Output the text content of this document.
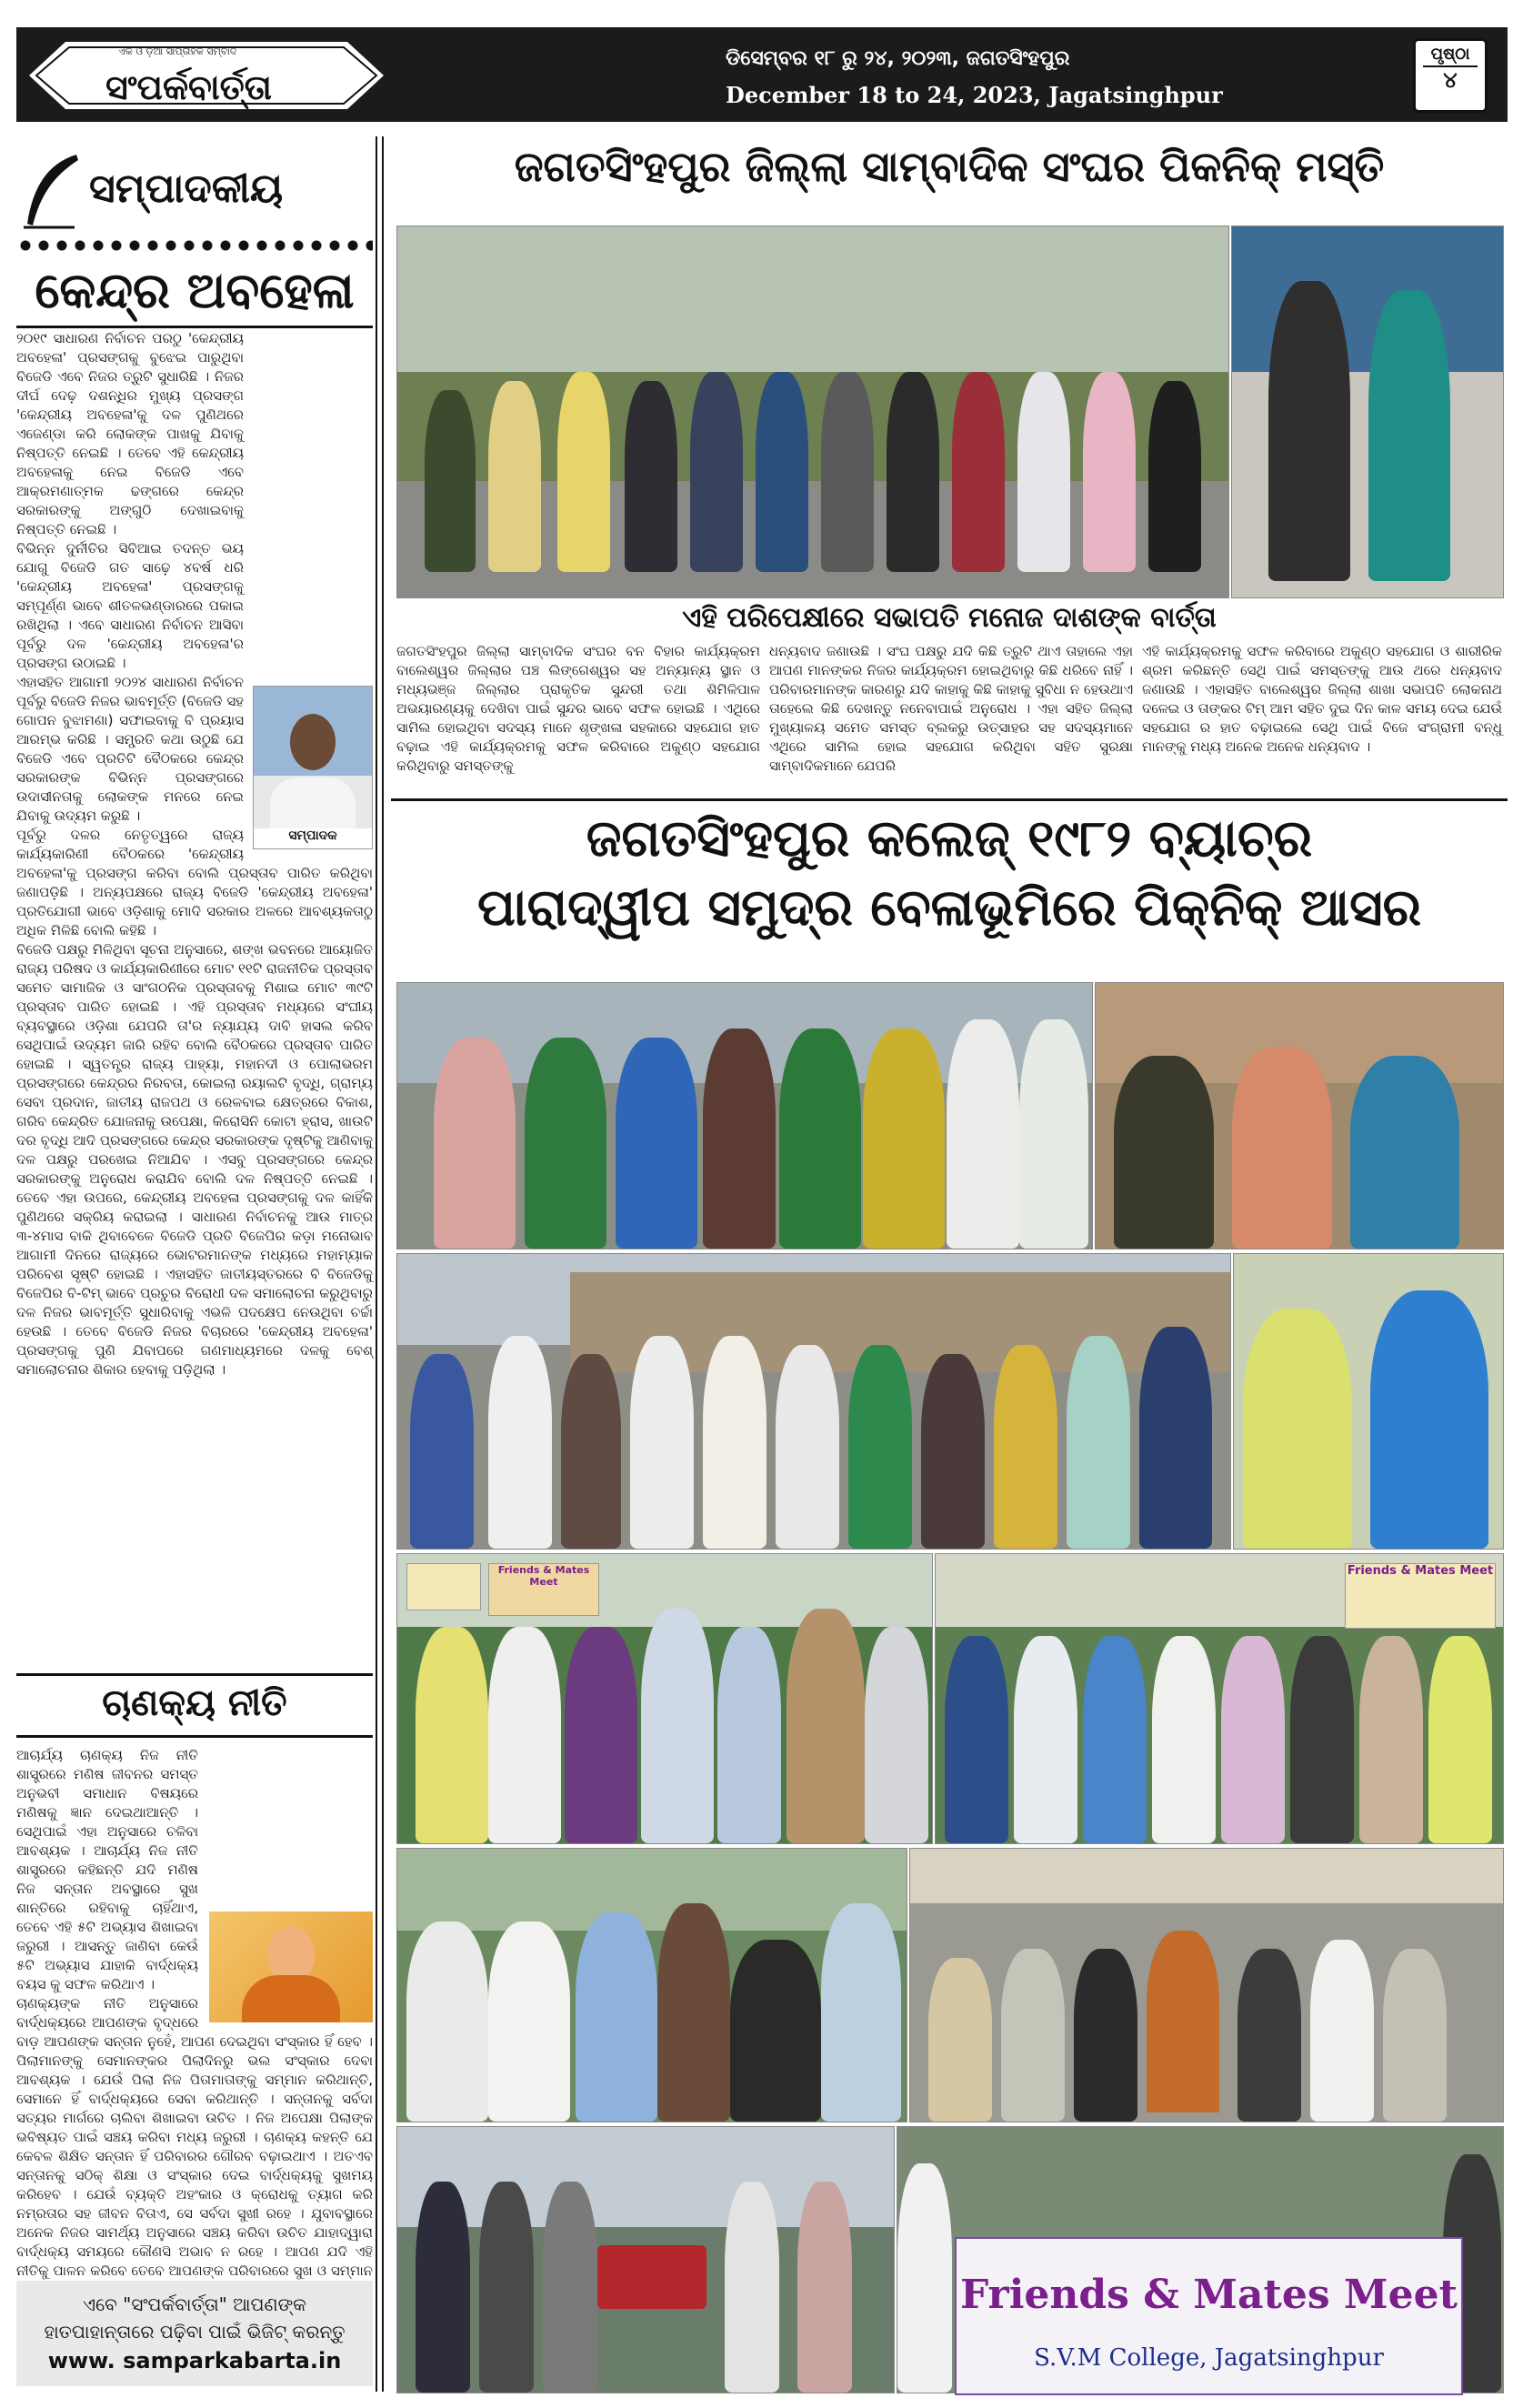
ଏକ ଓ ଡ଼ିଆ ସାପ୍ତାହିକ ସମ୍ବାଦ
ସଂପର୍କବାର୍ତ୍ତା
ଡିସେମ୍ବର ୧୮ ରୁ ୨୪, ୨୦୨୩, ଜଗତସିଂହପୁର
December 18 to 24, 2023, Jagatsinghpur
ପୃଷ୍ଠା
୪
ସମ୍ପାଦକୀୟ
କେନ୍ଦ୍ର ଅବହେଳା

୨୦୧୯ ସାଧାରଣ ନିର୍ବାଚନ ପରଠୁ 'କେନ୍ଦ୍ରୀୟ ଅବହେଳା' ପ୍ରସଙ୍ଗକୁ ବୁଝେଇ ପାରୁଥିବା ବିଜେଡି ଏବେ ନିଜର ତ୍ରୁଟି ସୁଧାରିଛି । ନିଜର ଦୀର୍ଘ ଦେଢ଼ ଦଶନ୍ଧିର ମୁଖ୍ୟ ପ୍ରସଙ୍ଗ 'କେନ୍ଦ୍ରୀୟ ଅବହେଳା'କୁ ଦଳ ପୁଣିଥରେ ଏଜେଣ୍ଡା କରି ଲୋକଙ୍କ ପାଖକୁ ଯିବାକୁ ନିଷ୍ପତ୍ତି ନେଇଛି । ତେବେ ଏହି କେନ୍ଦ୍ରୀୟ ଅବହେଳାକୁ ନେଇ ବିଜେଡି ଏବେ ଆକ୍ରମଣାତ୍ମକ ଢଙ୍ଗରେ କେନ୍ଦ୍ର ସରକାରଙ୍କୁ ଅଙ୍ଗୁଠି ଦେଖାଇବାକୁ ନିଷ୍ପତ୍ତି ନେଇଛି ।

ବିଭିନ୍ନ ଦୁର୍ନୀତିର ସିବିଆଇ ତଦନ୍ତ ଭୟ ଯୋଗୁ ବିଜେଡି ଗତ ସାଢ଼େ ୪ବର୍ଷ ଧରି 'କେନ୍ଦ୍ରୀୟ ଅବହେଳା' ପ୍ରସଙ୍ଗକୁ ସମ୍ପୂର୍ଣ୍ଣ ଭାବେ ଶୀତଳଭଣ୍ଡାରରେ ପକାଇ ରଖିଥିଲା । ଏବେ ସାଧାରଣ ନିର୍ବାଚନ ଆସିବା ପୂର୍ବରୁ ଦଳ 'କେନ୍ଦ୍ରୀୟ ଅବହେଳା'ର ପ୍ରସଙ୍ଗ ଉଠାଇଛି ।

ଏହାସହିତ ଆଗାମୀ ୨୦୨୪ ସାଧାରଣ ନିର୍ବାଚନ ପୂର୍ବରୁ ବିଜେଡି ନିଜର ଭାବମୂର୍ତ୍ତି (ବିଜେଡି ସହ ଗୋପନ ବୁଝାମଣା) ସଫାଇବାକୁ ବି ପ୍ରୟାସ ଆରମ୍ଭ କରିଛି । ସମ୍ପ୍ରତି କଥା ଉଠୁଛି ଯେ ବିଜେଡି ଏବେ ପ୍ରତିଟି ବୈଠକରେ କେନ୍ଦ୍ର ସରକାରଙ୍କ ବିଭିନ୍ନ ପ୍ରସଙ୍ଗରେ ଉଦାସୀନତାକୁ ଲୋକଙ୍କ ମନରେ ନେଇ ଯିବାକୁ ଉଦ୍ୟମ କରୁଛି ।

ପୂର୍ବରୁ ଦଳର ନେତୃତ୍ୱରେ ରାଜ୍ୟ କାର୍ଯ୍ୟକାରିଣୀ ବୈଠକରେ 'କେନ୍ଦ୍ରୀୟ ଅବହେଳା'କୁ ପ୍ରସଙ୍ଗ କରିବା ବୋଲି ପ୍ରସ୍ତାବ ପାରିତ କରିଥିବା ଜଣାପଡ଼ିଛି । ଅନ୍ୟପକ୍ଷରେ ରାଜ୍ୟ ବିଜେଡି 'କେନ୍ଦ୍ରୀୟ ଅବହେଳା' ପ୍ରତିଯୋଗୀ ଭାବେ ଓଡ଼ିଶାକୁ ମୋଦି ସରକାର ଅଳରେ ଆବଶ୍ୟକତାଠୁ ଅଧିକ ମିଳିଛି ବୋଲି କହିଛି ।

ବିଜେଡି ପକ୍ଷରୁ ମିଳିଥିବା ସୂଚନା ଅନୁସାରେ, ଶଙ୍ଖ ଭବନରେ ଆୟୋଜିତ ରାଜ୍ୟ ପରିଷଦ ଓ କାର୍ଯ୍ୟକାରିଣୀରେ ମୋଟ ୧୧ଟି ରାଜନୀତିକ ପ୍ରସ୍ତାବ ସମେତ ସାମାଜିକ ଓ ସାଂଗଠନିକ ପ୍ରସ୍ତାବକୁ ମିଶାଇ ମୋଟ ୩୯ଟି ପ୍ରସ୍ତାବ ପାରିତ ହୋଇଛି । ଏହି ପ୍ରସ୍ତାବ ମଧ୍ୟରେ ସଂଘୀୟ ବ୍ୟବସ୍ଥାରେ ଓଡ଼ିଶା ଯେପରି ତା'ର ନ୍ୟାଯ୍ୟ ଦାବି ହାସଲ କରିବ ସେଥିପାଇଁ ଉଦ୍ୟମ ଜାରି ରହିବ ବୋଲି ବୈଠକରେ ପ୍ରସ୍ତାବ ପାରିତ ହୋଇଛି । ସ୍ୱତନ୍ତ୍ର ରାଜ୍ୟ ପାହ୍ୟା, ମହାନଦୀ ଓ ପୋଲାଭରମ ପ୍ରସଙ୍ଗରେ କେନ୍ଦ୍ରର ନିରବତା, କୋଇଲା ରୟାଲଟି ବୃଦ୍ଧି, ଗ୍ରାମ୍ୟ ସେବା ପ୍ରଦାନ, ଜାତୀୟ ରାଜପଥ ଓ ରେଳବାଇ କ୍ଷେତ୍ରରେ ବିକାଶ, ଗରିବ କେନ୍ଦ୍ରିତ ଯୋଜନାକୁ ଉପେକ୍ଷା, କିରୋସିନି କୋଟା ହ୍ରାସ, ଖାଉଟି ଦର ବୃଦ୍ଧି ଆଦି ପ୍ରସଙ୍ଗରେ କେନ୍ଦ୍ର ସରକାରଙ୍କ ଦୃଷ୍ଟିକୁ ଆଣିବାକୁ ଦଳ ପକ୍ଷରୁ ପରଖେଇ ନିଆଯିବ । ଏସବୁ ପ୍ରସଙ୍ଗରେ କେନ୍ଦ୍ର ସରକାରଙ୍କୁ ଅନୁରୋଧ କରାଯିବ ବୋଲି ଦଳ ନିଷ୍ପତ୍ତି ନେଇଛି । ତେବେ ଏହା ଉପରେ, କେନ୍ଦ୍ରୀୟ ଅବହେଳା ପ୍ରସଙ୍ଗକୁ ଦଳ କାହିଁକି ପୁଣିଥରେ ସକ୍ରିୟ କରାଇଲା । ସାଧାରଣ ନିର୍ବାଚନକୁ ଆଉ ମାତ୍ର ୩-୪ମାସ ବାକି ଥିବାବେଳେ ବିଜେଡି ପ୍ରତି ବିଜେପିର କଡ଼ା ମନୋଭାବ ଆଗାମୀ ଦିନରେ ରାଜ୍ୟରେ ଭୋଟରମାନଙ୍କ ମଧ୍ୟରେ ମହାମ୍ୟାକ ପରିବେଶ ସୃଷ୍ଟି ହୋଇଛି । ଏହାସହିତ ଜାତୀୟସ୍ତରରେ ବି ବିଜେଡିକୁ ବିଜେପିର ବି-ଟିମ୍ ଭାବେ ପ୍ରଚୁର ବିରୋଧୀ ଦଳ ସମାଲୋଚନା କରୁଥିବାରୁ ଦଳ ନିଜର ଭାବମୂର୍ତ୍ତି ସୁଧାରିବାକୁ ଏଭଳି ପଦକ୍ଷେପ ନେଉଥିବା ଚର୍ଚ୍ଚା ହେଉଛି । ତେବେ ବିଜେଡି ନିଜର ବିଚାରରେ 'କେନ୍ଦ୍ରୀୟ ଅବହେଳା' ପ୍ରସଙ୍ଗକୁ ପୁଣି ଯିବାପରେ ଗଣମାଧ୍ୟମରେ ଦଳକୁ ବେଶ୍ ସମାଲୋଚନାର ଶିକାର ହେବାକୁ ପଡ଼ିଥିଲା ।

ସମ୍ପାଦକ
ଚାଣକ୍ୟ ନୀତି

ଆଚାର୍ଯ୍ୟ ଚାଣକ୍ୟ ନିଜ ନୀତି ଶାସ୍ତ୍ରରେ ମଣିଷ ଜୀବନର ସମସ୍ତ ଅନୁଭବୀ ସମାଧାନ ବିଷୟରେ ମଣିଷକୁ ଜ୍ଞାନ ଦେଇଥାଆନ୍ତି । ସେଥିପାଇଁ ଏହା ଅନୁସାରେ ଚଳିବା ଆବଶ୍ୟକ । ଆଚାର୍ଯ୍ୟ ନିଜ ନୀତି ଶାସ୍ତ୍ରରେ କହିଛନ୍ତି ଯଦି ମଣିଷ ନିଜ ସନ୍ତାନ ଅବସ୍ଥାରେ ସୁଖ ଶାନ୍ତିରେ ରହିବାକୁ ଚାହିଁଥାଏ, ତେବେ ଏହି ୫ଟି ଅଭ୍ୟାସ ଶିଖାଇବା ଜରୁରୀ । ଆସନ୍ତୁ ଜାଣିବା କେଉଁ ୫ଟି ଅଭ୍ୟାସ ଯାହାକି ବାର୍ଦ୍ଧକ୍ୟ ବୟସ କୁ ସଫଳ କରିଥାଏ ।

ଚାଣକ୍ୟଙ୍କ ନୀତି ଅନୁସାରେ ବାର୍ଦ୍ଧକ୍ୟରେ ଆପଣଙ୍କ ବୃଦ୍ଧରେ ବାଡ଼ ଆପଣଙ୍କ ସନ୍ତାନ ନୁହେଁ, ଆପଣ ଦେଇଥିବା ସଂସ୍କାର ହିଁ ହେବ । ପିଲାମାନଙ୍କୁ ସେମାନଙ୍କର ପିଲାଦିନରୁ ଭଲ ସଂସ୍କାର ଦେବା ଆବଶ୍ୟକ । ଯେଉଁ ପିଲା ନିଜ ପିତାମାତାଙ୍କୁ ସମ୍ମାନ କରିଥାନ୍ତି, ସେମାନେ ହିଁ ବାର୍ଦ୍ଧକ୍ୟରେ ସେବା କରିଥାନ୍ତି । ସନ୍ତାନକୁ ସର୍ବଦା ସତ୍ୟର ମାର୍ଗରେ ଚାଲିବା ଶିଖାଇବା ଉଚିତ । ନିଜ ଅପେକ୍ଷା ପିଲାଙ୍କ ଭବିଷ୍ୟତ ପାଇଁ ସଞ୍ଚୟ କରିବା ମଧ୍ୟ ଜରୁରୀ । ଚାଣକ୍ୟ କହନ୍ତି ଯେ କେବଳ ଶିକ୍ଷିତ ସନ୍ତାନ ହିଁ ପରିବାରର ଗୌରବ ବଢ଼ାଇଥାଏ । ଅତଏବ ସନ୍ତାନକୁ ସଠିକ୍ ଶିକ୍ଷା ଓ ସଂସ୍କାର ଦେଇ ବାର୍ଦ୍ଧକ୍ୟକୁ ସୁଖମୟ କରିହେବ । ଯେଉଁ ବ୍ୟକ୍ତି ଅହଂକାର ଓ କ୍ରୋଧକୁ ତ୍ୟାଗ କରି ନମ୍ରତାର ସହ ଜୀବନ ବିତାଏ, ସେ ସର୍ବଦା ସୁଖୀ ରହେ । ଯୁବାବସ୍ଥାରେ ଅନେକ ନିଜର ସାମର୍ଥ୍ୟ ଅନୁସାରେ ସଞ୍ଚୟ କରିବା ଉଚିତ ଯାହାଦ୍ୱାରା ବାର୍ଦ୍ଧକ୍ୟ ସମୟରେ କୌଣସି ଅଭାବ ନ ରହେ । ଆପଣ ଯଦି ଏହି ନୀତିକୁ ପାଳନ କରିବେ ତେବେ ଆପଣଙ୍କ ପରିବାରରେ ସୁଖ ଓ ସମ୍ମାନ

ଏବେ "ସଂପର୍କବାର୍ତ୍ତା" ଆପଣଙ୍କ
ହାତପାହାନ୍ତାରେ ପଢ଼ିବା ପାଇଁ ଭିଜିଟ୍ କରନ୍ତୁ
www. samparkabarta.in
ଜଗତସିଂହପୁର ଜିଲ୍ଲା ସାମ୍ବାଦିକ ସଂଘର ପିକନିକ୍ ମସ୍ତି
ଏହି ପରିପେକ୍ଷୀରେ ସଭାପତି ମନୋଜ ଦାଶଙ୍କ ବାର୍ତ୍ତା

ଜଗତସିଂହପୁର ଜିଲ୍ଲା ସାମ୍ବାଦିକ ସଂଘର ବନ ବିହାର କାର୍ଯ୍ୟକ୍ରମ ବାଲେଶ୍ୱର ଜିଲ୍ଲାର ପଞ୍ଚ ଲିଙ୍ଗେଶ୍ୱର ସହ ଅନ୍ୟାନ୍ୟ ସ୍ଥାନ ଓ ମଧ୍ୟଭଞ୍ଜ ଜିଲ୍ଲାର ପ୍ରାକୃତିକ ସୁନ୍ଦରୀ ତଥା ଶିମିଳିପାଳ ଅଭୟାରଣ୍ୟକୁ ଦେଖିବା ପାଇଁ ସୁନ୍ଦର ଭାବେ ସଫଳ ହୋଇଛି । ଏଥିରେ ସାମିଲ ହୋଇଥିବା ସଦସ୍ୟ ମାନେ ଶୃଙ୍ଖଳା ସହକାରେ ସହଯୋଗ ହାତ ବଢ଼ାଇ ଏହି କାର୍ଯ୍ୟକ୍ରମକୁ ସଫଳ କରିବାରେ ଅକୁଣ୍ଠ ସହଯୋଗ କରିଥିବାରୁ ସମସ୍ତଙ୍କୁ

ଧନ୍ୟବାଦ ଜଣାଉଛି । ସଂଘ ପକ୍ଷରୁ ଯଦି କିଛି ତ୍ରୁଟି ଥାଏ ତାହାଲେ ଏହା ଆପଣ ମାନଙ୍କର ନିଜର କାର୍ଯ୍ୟକ୍ରମ ହୋଇଥିବାରୁ କିଛି ଧରିବେ ନାହିଁ । ପରିବାରମାନଙ୍କ କାରଣରୁ ଯଦି କାହାକୁ କିଛି କାହାକୁ ସୁବିଧା ନ ହେଉଥାଏ ତାହେଲେ କିଛି ଦେଖନ୍ତୁ ନନେବାପାଇଁ ଅନୁରୋଧ । ଏହା ସହିତ ଜିଲ୍ଲା ମୁଖ୍ୟାଳୟ ସମେତ ସମସ୍ତ ବ୍ଲକରୁ ଉତ୍ସାହର ସହ ସଦସ୍ୟମାନେ ଏଥିରେ ସାମିଲ ହୋଇ ସହଯୋଗ କରିଥିବା ସହିତ ସୁରକ୍ଷା ସାମ୍ବାଦିକମାନେ ଯେପରି

ଏହି କାର୍ଯ୍ୟକ୍ରମକୁ ସଫଳ କରିବାରେ ଅକୁଣ୍ଠ ସହଯୋଗ ଓ ଶାରୀରିକ ଶ୍ରମ କରିଛନ୍ତି ସେଥି ପାଇଁ ସମସ୍ତଙ୍କୁ ଆଉ ଥରେ ଧନ୍ୟବାଦ ଜଣାଉଛି । ଏହାସହିତ ବାଲେଶ୍ୱର ଜିଲ୍ଲା ଶାଖା ସଭାପତି ଲୋକନାଥ ଦଳେଇ ଓ ତାଙ୍କର ଟିମ୍ ଆମ ସହିତ ଦୁଇ ଦିନ କାଳ ସମୟ ଦେଇ ଯେଉଁ ସହଯୋଗ ର ହାତ ବଢ଼ାଇଲେ ସେଥି ପାଇଁ ବିଜେ ସଂଗ୍ରାମୀ ବନ୍ଧୁ ମାନଙ୍କୁ ମଧ୍ୟ ଅନେକ ଅନେକ ଧନ୍ୟବାଦ ।

ଜଗତସିଂହପୁର କଲେଜ୍ ୧୯୮୨ ବ୍ୟାଚ୍ର
ପାରାଦ୍ୱୀପ ସମୁଦ୍ର ବେଳାଭୂମିରେ ପିକ୍ନିକ୍ ଆସର
Friends & Mates Meet
Friends & Mates Meet
Friends & Mates Meet
S.V.M College, Jagatsinghpur
